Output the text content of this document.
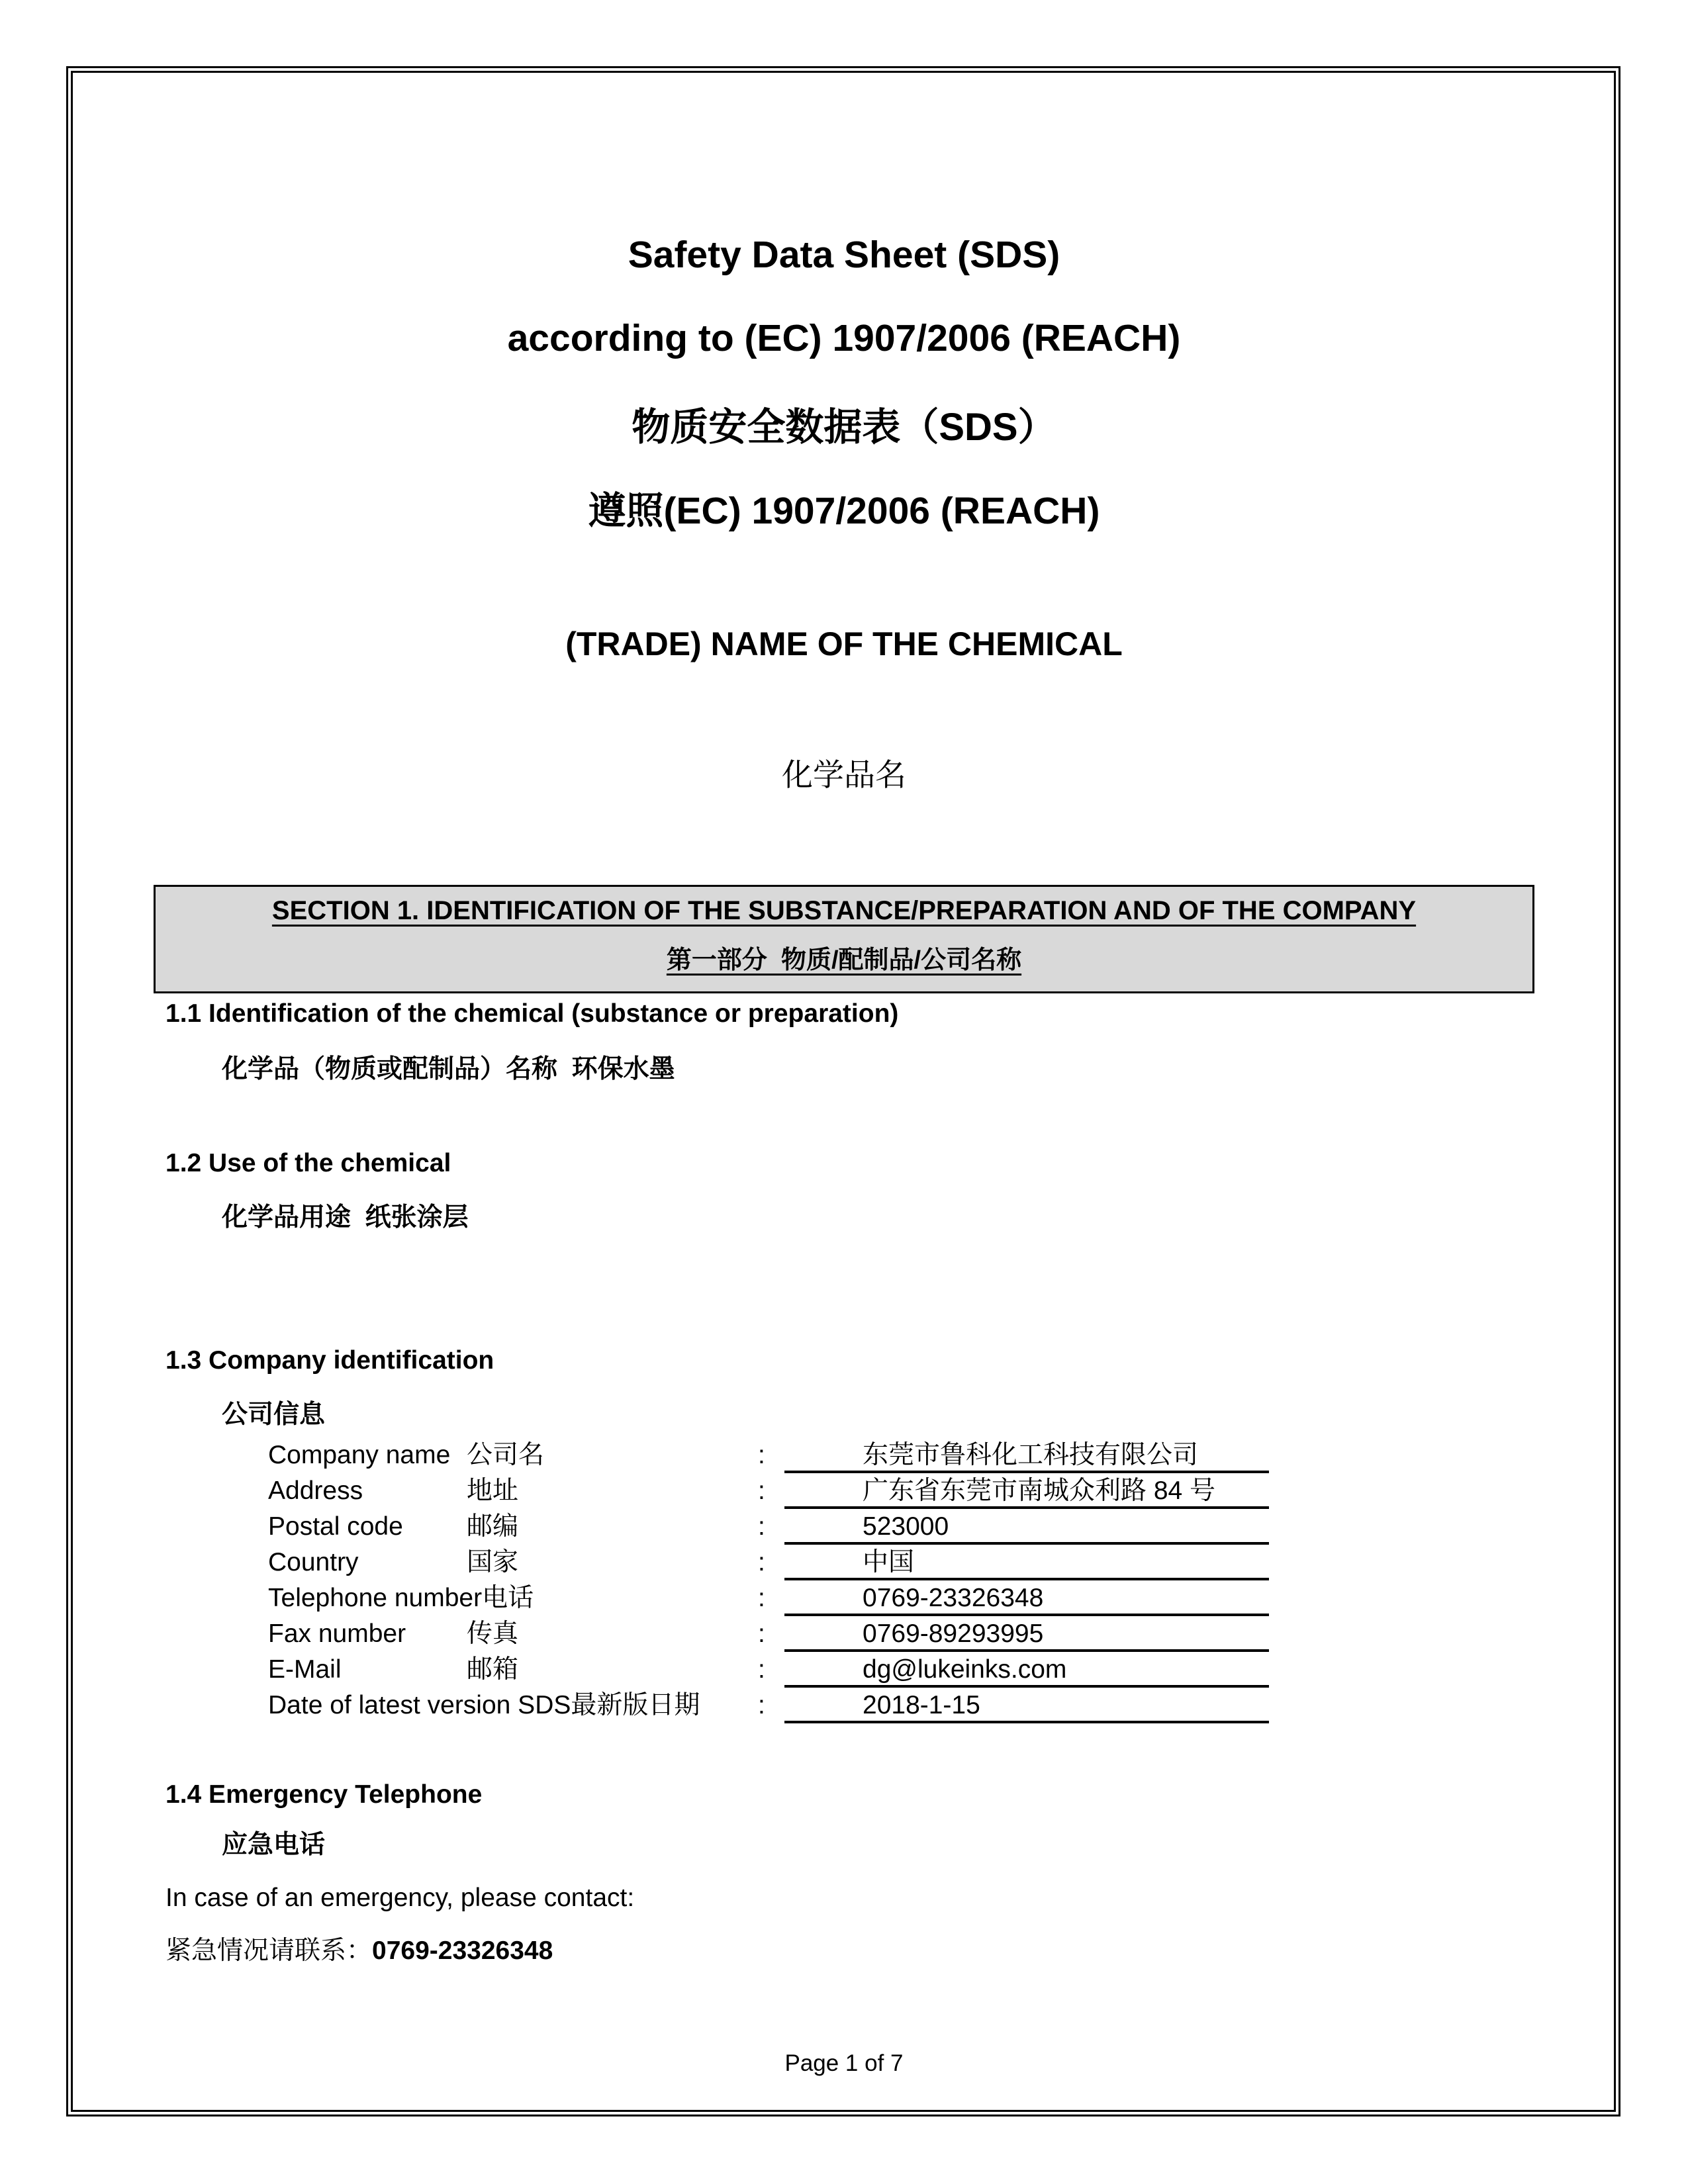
Safety Data Sheet (SDS)
according to (EC) 1907/2006 (REACH)
物质安全数据表（SDS）
遵照(EC) 1907/2006 (REACH)
(TRADE) NAME OF THE CHEMICAL
化学品名
SECTION 1. IDENTIFICATION OF THE SUBSTANCE/PREPARATION AND OF THE COMPANY
第一部分  物质/配制品/公司名称
1.1 Identification of the chemical (substance or preparation)
化学品（物质或配制品）名称  环保水墨
1.2 Use of the chemical
化学品用途  纸张涂层
1.3 Company identification
公司信息
Company name 公司名	:	东莞市鲁科化工科技有限公司
Address	地址	:	广东省东莞市南城众利路 84 号
Postal code 邮编	:	523000
Country	国家	:	中国
Telephone number电话	:	0769-23326348
Fax number 传真	:	0769-89293995
E-Mail	邮箱	:	dg@lukeinks.com
Date of latest version SDS最新版日期	:	2018-1-15
1.4 Emergency Telephone
应急电话
In case of an emergency, please contact:
紧急情况请联系：0769-23326348
Page 1 of 7
